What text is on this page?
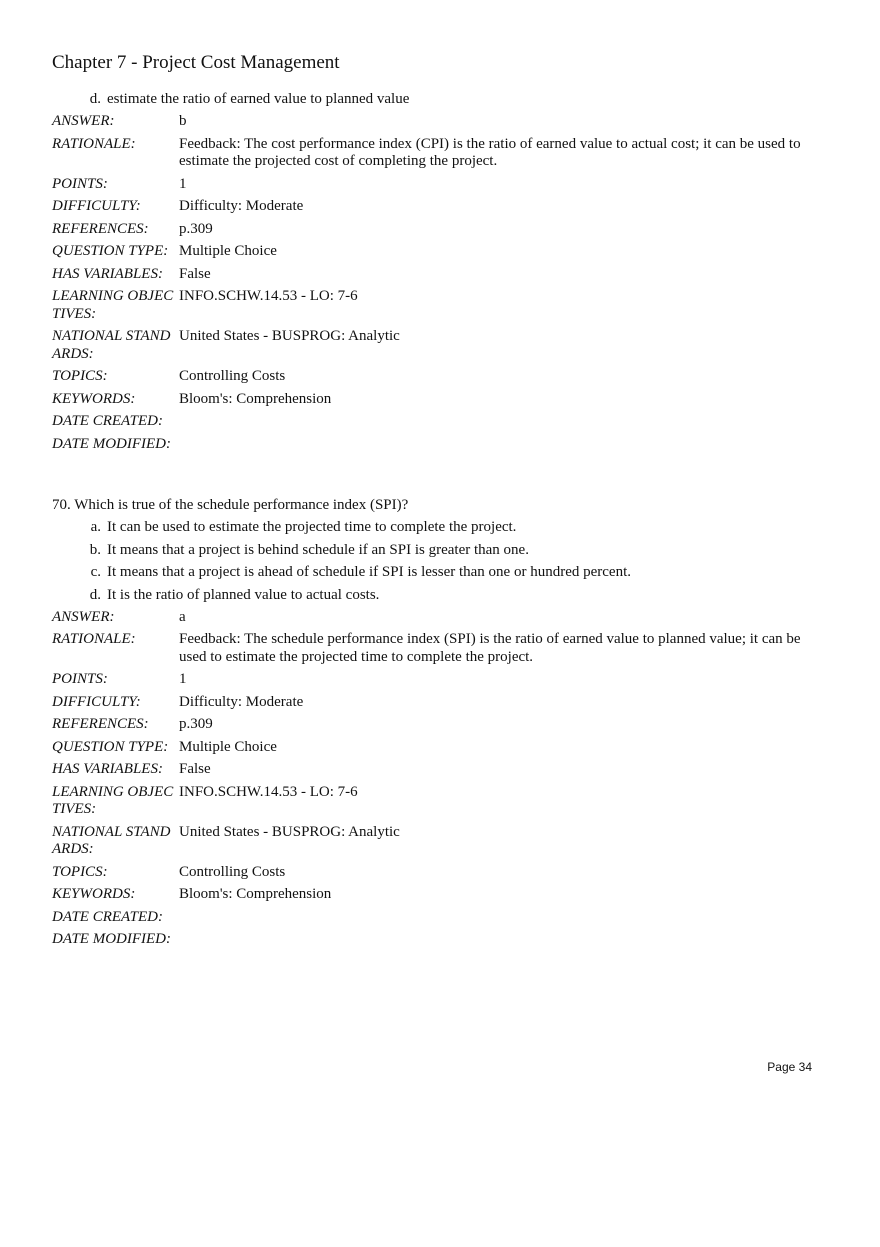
Chapter 7 - Project Cost Management
d. estimate the ratio of earned value to planned value
ANSWER:	b
RATIONALE:	Feedback: The cost performance index (CPI) is the ratio of earned value to actual cost; it can be used to estimate the projected cost of completing the project.
POINTS:	1
DIFFICULTY:	Difficulty: Moderate
REFERENCES:	p.309
QUESTION TYPE: Multiple Choice
HAS VARIABLES:	False
LEARNING OBJECTIVES:
INFO.SCHW.14.53 - LO: 7-6
NATIONAL STANDARDS:
United States - BUSPROG: Analytic
TOPICS:	Controlling Costs
KEYWORDS:	Bloom's: Comprehension
DATE CREATED:
DATE MODIFIED:
70. Which is true of the schedule performance index (SPI)?
a. It can be used to estimate the projected time to complete the project.
b. It means that a project is behind schedule if an SPI is greater than one.
c. It means that a project is ahead of schedule if SPI is lesser than one or hundred percent.
d. It is the ratio of planned value to actual costs.
ANSWER:	a
RATIONALE:	Feedback: The schedule performance index (SPI) is the ratio of earned value to planned value; it can be used to estimate the projected time to complete the project.
POINTS:	1
DIFFICULTY:	Difficulty: Moderate
REFERENCES:	p.309
QUESTION TYPE: Multiple Choice
HAS VARIABLES:	False
LEARNING OBJECTIVES:
INFO.SCHW.14.53 - LO: 7-6
NATIONAL STANDARDS:
United States - BUSPROG: Analytic
TOPICS:	Controlling Costs
KEYWORDS:	Bloom's: Comprehension
DATE CREATED:
DATE MODIFIED:
Page 34
